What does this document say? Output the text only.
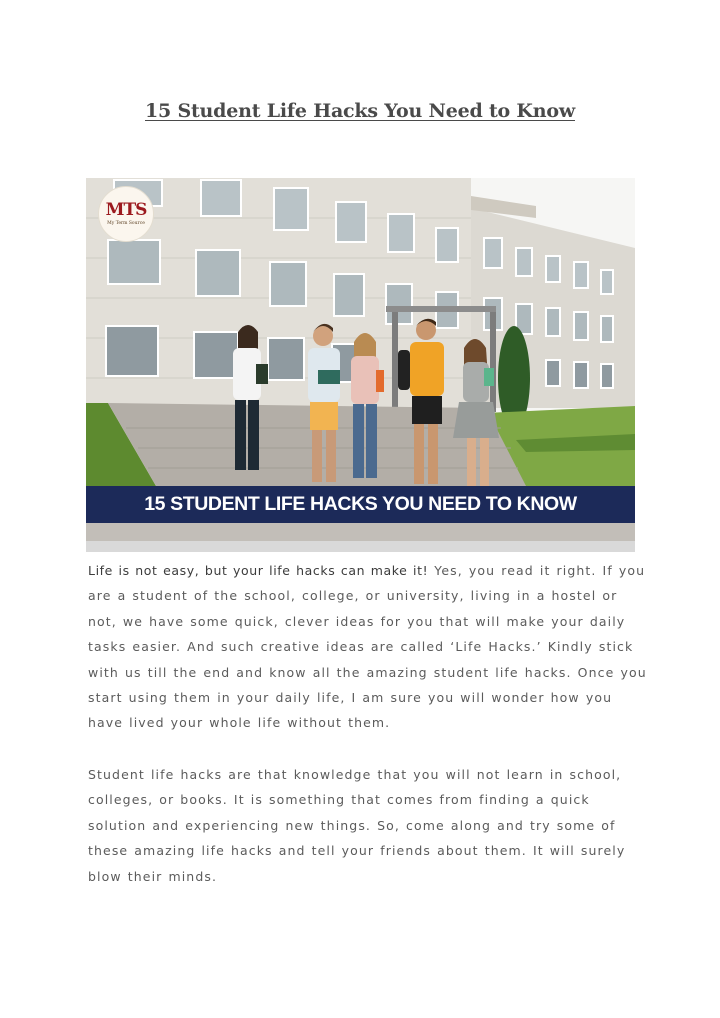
15 Student Life Hacks You Need to Know
15 STUDENT LIFE HACKS YOU NEED TO KNOW
MTS
My Term Source

Life is not easy, but your life hacks can make it! Yes, you read it right. If you are a student of the school, college, or university, living in a hostel or not, we have some quick, clever ideas for you that will make your daily tasks easier. And such creative ideas are called ‘Life Hacks.’ Kindly stick with us till the end and know all the amazing student life hacks. Once you start using them in your daily life, I am sure you will wonder how you have lived your whole life without them.

Student life hacks are that knowledge that you will not learn in school, colleges, or books. It is something that comes from finding a quick solution and experiencing new things. So, come along and try some of these amazing life hacks and tell your friends about them. It will surely blow their minds.
